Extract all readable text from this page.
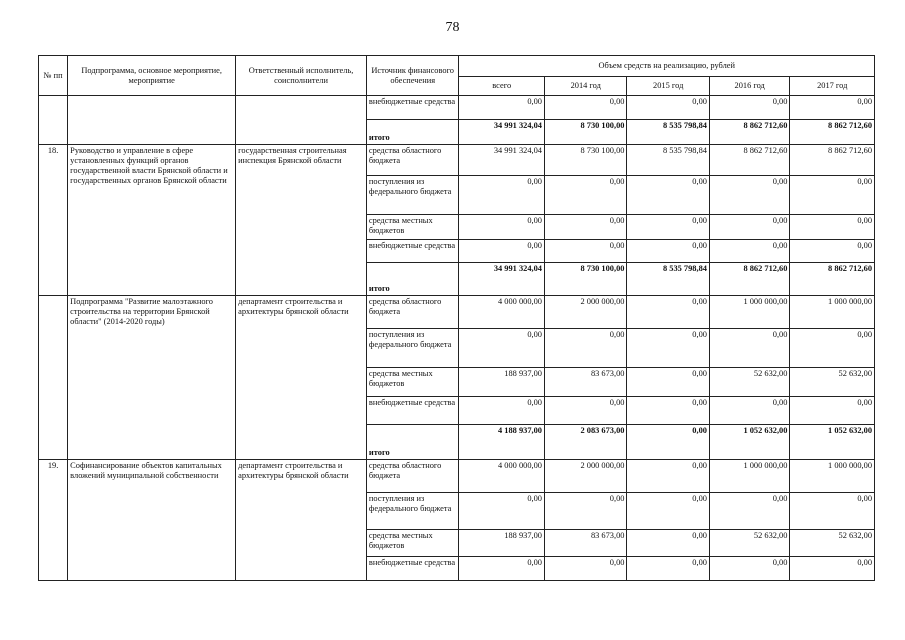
78
№ пп	Подпрограмма, основное мероприятие, мероприятие	Ответственный исполнитель, соисполнители	Источник финансового обеспечения	Объем средств на реализацию, рублей				
				всего	2014 год	2015 год	2016 год	2017 год
			внебюджетные средства	0,00	0,00	0,00	0,00	0,00
			итого	34 991 324,04	8 730 100,00	8 535 798,84	8 862 712,60	8 862 712,60
18.	Руководство и управление в сфере установленных функций органов государственной власти Брянской области и государственных органов Брянской области	государственная строительная инспекция Брянской области	средства областного бюджета	34 991 324,04	8 730 100,00	8 535 798,84	8 862 712,60	8 862 712,60
			поступления из федерального бюджета	0,00	0,00	0,00	0,00	0,00
			средства местных бюджетов	0,00	0,00	0,00	0,00	0,00
			внебюджетные средства	0,00	0,00	0,00	0,00	0,00
			итого	34 991 324,04	8 730 100,00	8 535 798,84	8 862 712,60	8 862 712,60
	Подпрограмма "Развитие малоэтажного строительства на территории Брянской области" (2014-2020 годы)	департамент строительства и архитектуры брянской области	средства областного бюджета	4 000 000,00	2 000 000,00	0,00	1 000 000,00	1 000 000,00
			поступления из федерального бюджета	0,00	0,00	0,00	0,00	0,00
			средства местных бюджетов	188 937,00	83 673,00	0,00	52 632,00	52 632,00
			внебюджетные средства	0,00	0,00	0,00	0,00	0,00
			итого	4 188 937,00	2 083 673,00	0,00	1 052 632,00	1 052 632,00
19.	Софинансирование объектов капитальных вложений муниципальной собственности	департамент строительства и архитектуры брянской области	средства областного бюджета	4 000 000,00	2 000 000,00	0,00	1 000 000,00	1 000 000,00
			поступления из федерального бюджета	0,00	0,00	0,00	0,00	0,00
			средства местных бюджетов	188 937,00	83 673,00	0,00	52 632,00	52 632,00
			внебюджетные средства	0,00	0,00	0,00	0,00	0,00
